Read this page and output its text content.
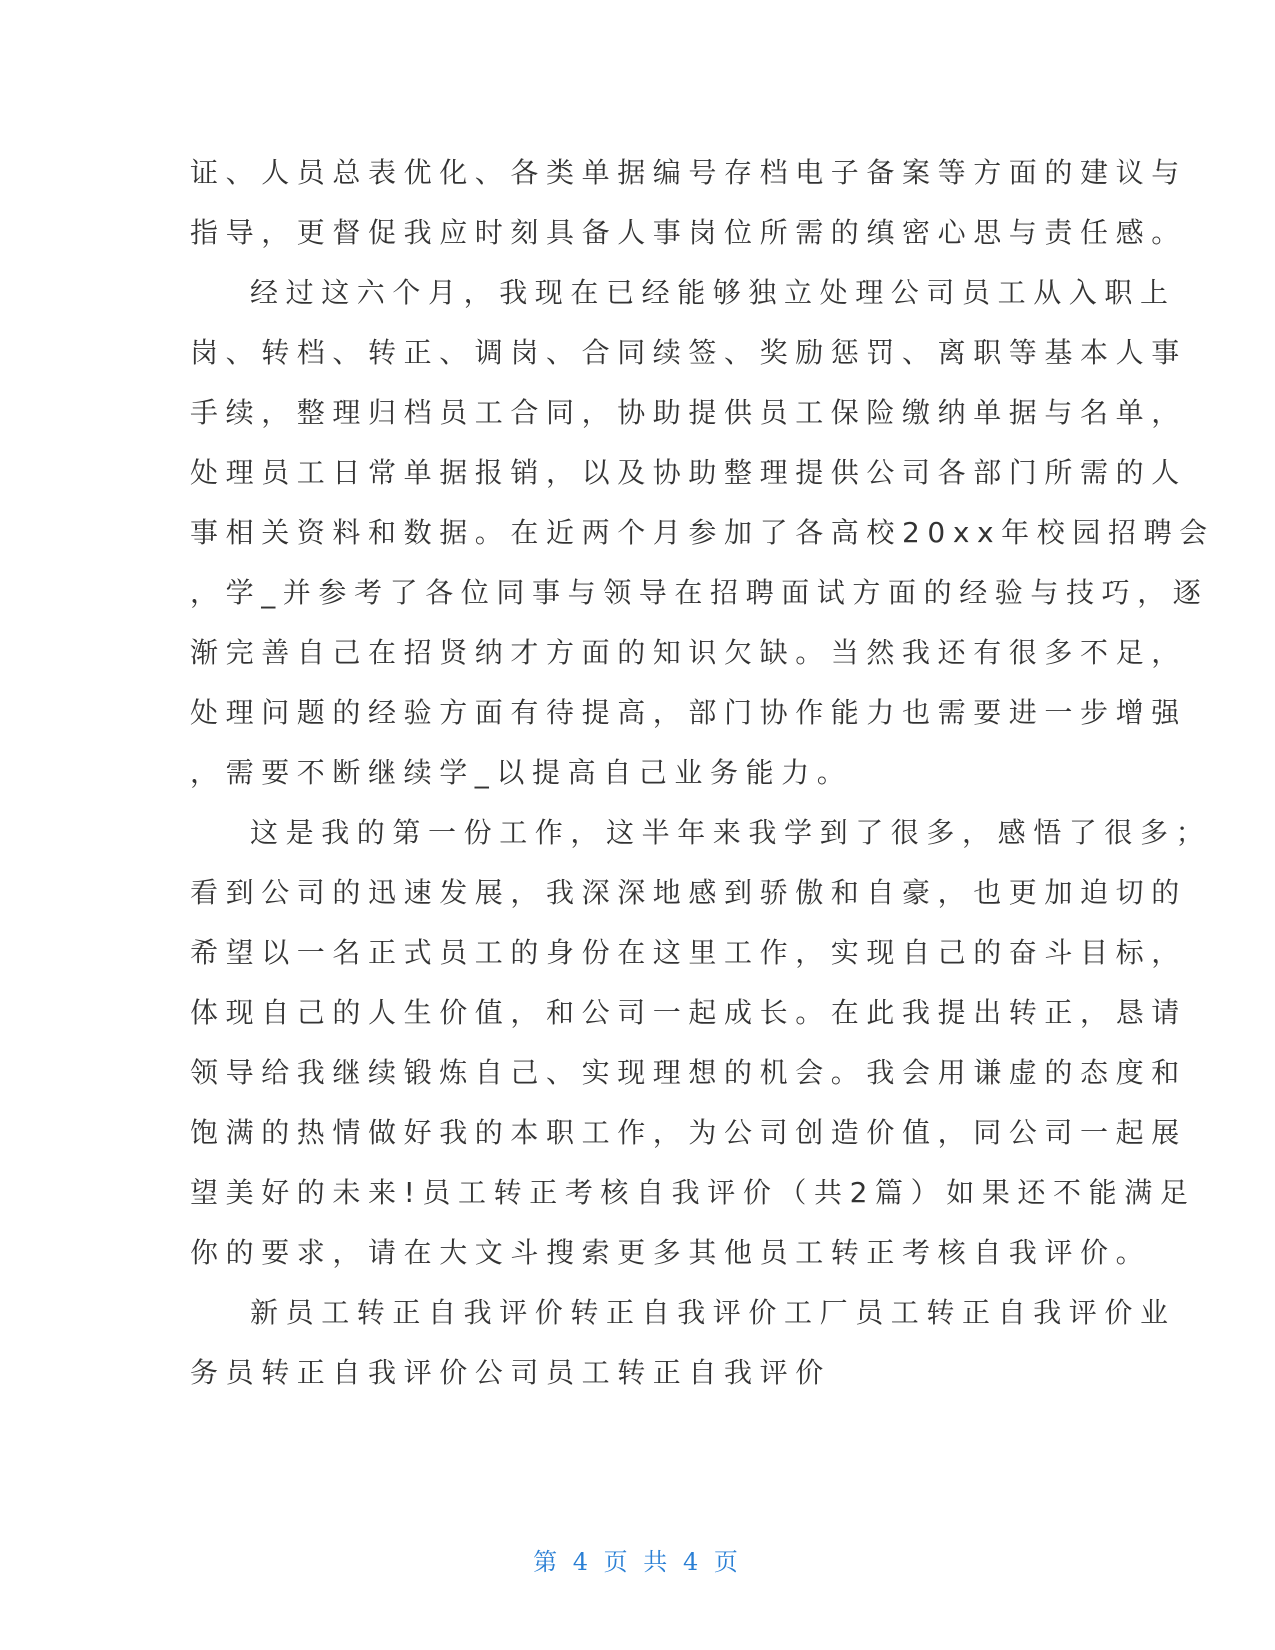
证、人员总表优化、各类单据编号存档电子备案等方面的建议与
指导，更督促我应时刻具备人事岗位所需的缜密心思与责任感。
经过这六个月，我现在已经能够独立处理公司员工从入职上
岗、转档、转正、调岗、合同续签、奖励惩罚、离职等基本人事
手续，整理归档员工合同，协助提供员工保险缴纳单据与名单，
处理员工日常单据报销，以及协助整理提供公司各部门所需的人
事相关资料和数据。在近两个月参加了各高校20xx年校园招聘会
，学_并参考了各位同事与领导在招聘面试方面的经验与技巧，逐
渐完善自己在招贤纳才方面的知识欠缺。当然我还有很多不足，
处理问题的经验方面有待提高，部门协作能力也需要进一步增强
，需要不断继续学_以提高自己业务能力。
这是我的第一份工作，这半年来我学到了很多，感悟了很多；
看到公司的迅速发展，我深深地感到骄傲和自豪，也更加迫切的
希望以一名正式员工的身份在这里工作，实现自己的奋斗目标，
体现自己的人生价值，和公司一起成长。在此我提出转正，恳请
领导给我继续锻炼自己、实现理想的机会。我会用谦虚的态度和
饱满的热情做好我的本职工作，为公司创造价值，同公司一起展
望美好的未来!员工转正考核自我评价（共2篇）如果还不能满足
你的要求，请在大文斗搜索更多其他员工转正考核自我评价。
新员工转正自我评价转正自我评价工厂员工转正自我评价业
务员转正自我评价公司员工转正自我评价
第 4 页 共 4 页
